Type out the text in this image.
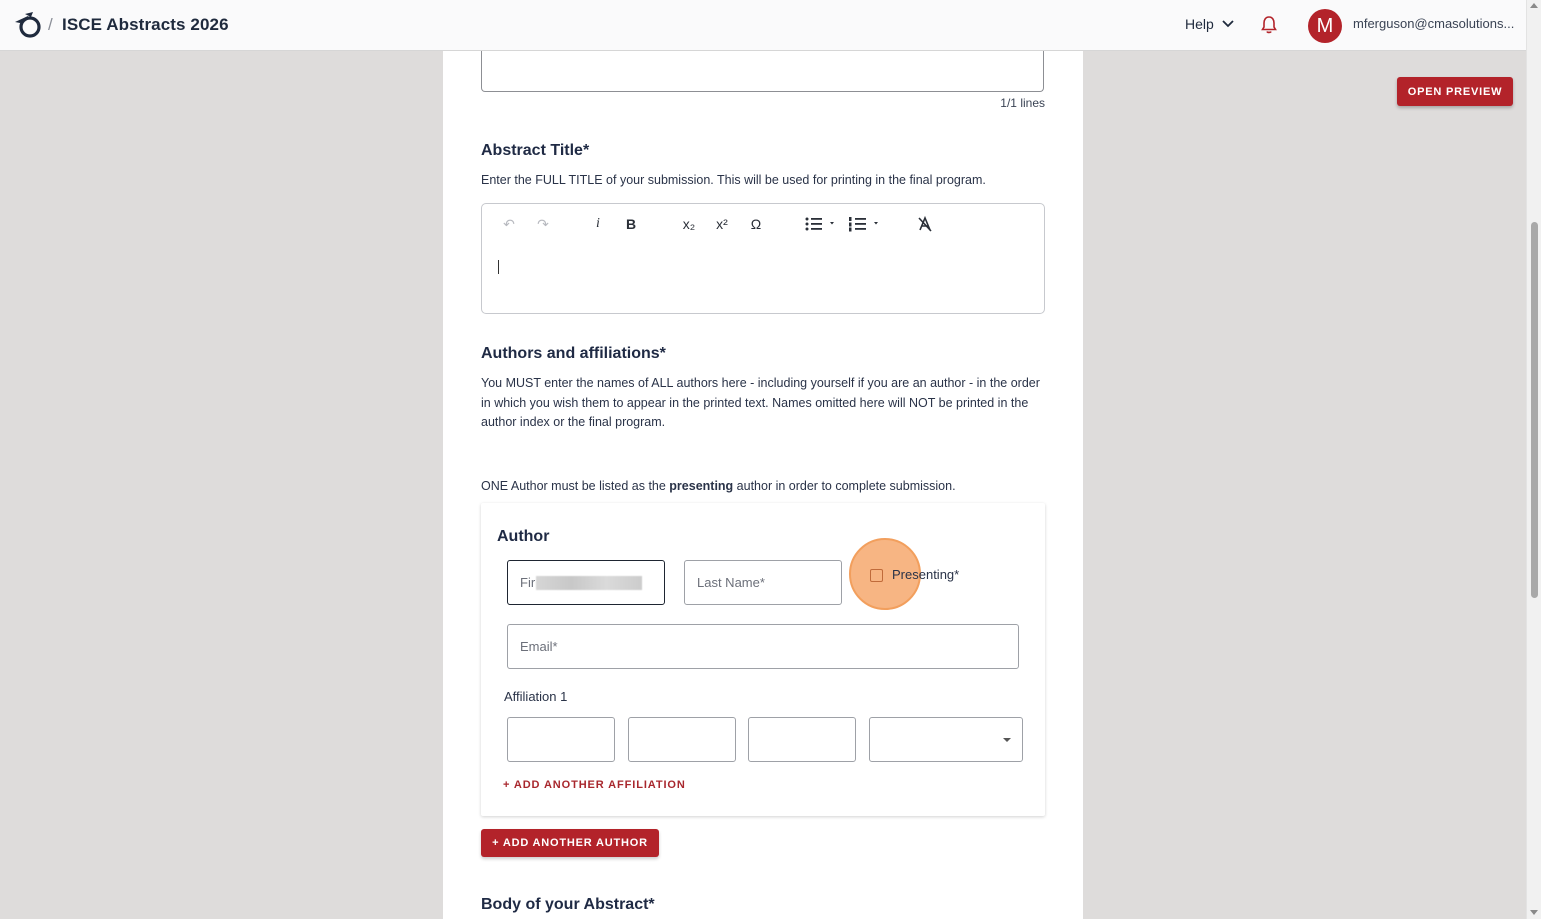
/ ISCE Abstracts 2026	Help	M	mferguson@cmasolutions...
OPEN PREVIEW
1/1 lines
Abstract Title*
Enter the FULL TITLE of your submission. This will be used for printing in the final program.
↶ ↷	i	B	x₂ x² Ω
Authors and affiliations*
You MUST enter the names of ALL authors here - including yourself if you are an author - in the order in which you wish them to appear in the printed text. Names omitted here will NOT be printed in the author index or the final program.
ONE Author must be listed as the presenting author in order to complete submission.
Author
Fir	Last Name*
Presenting*
Email*
Affiliation 1
+ ADD ANOTHER AFFILIATION
+ ADD ANOTHER AUTHOR
Body of your Abstract*
